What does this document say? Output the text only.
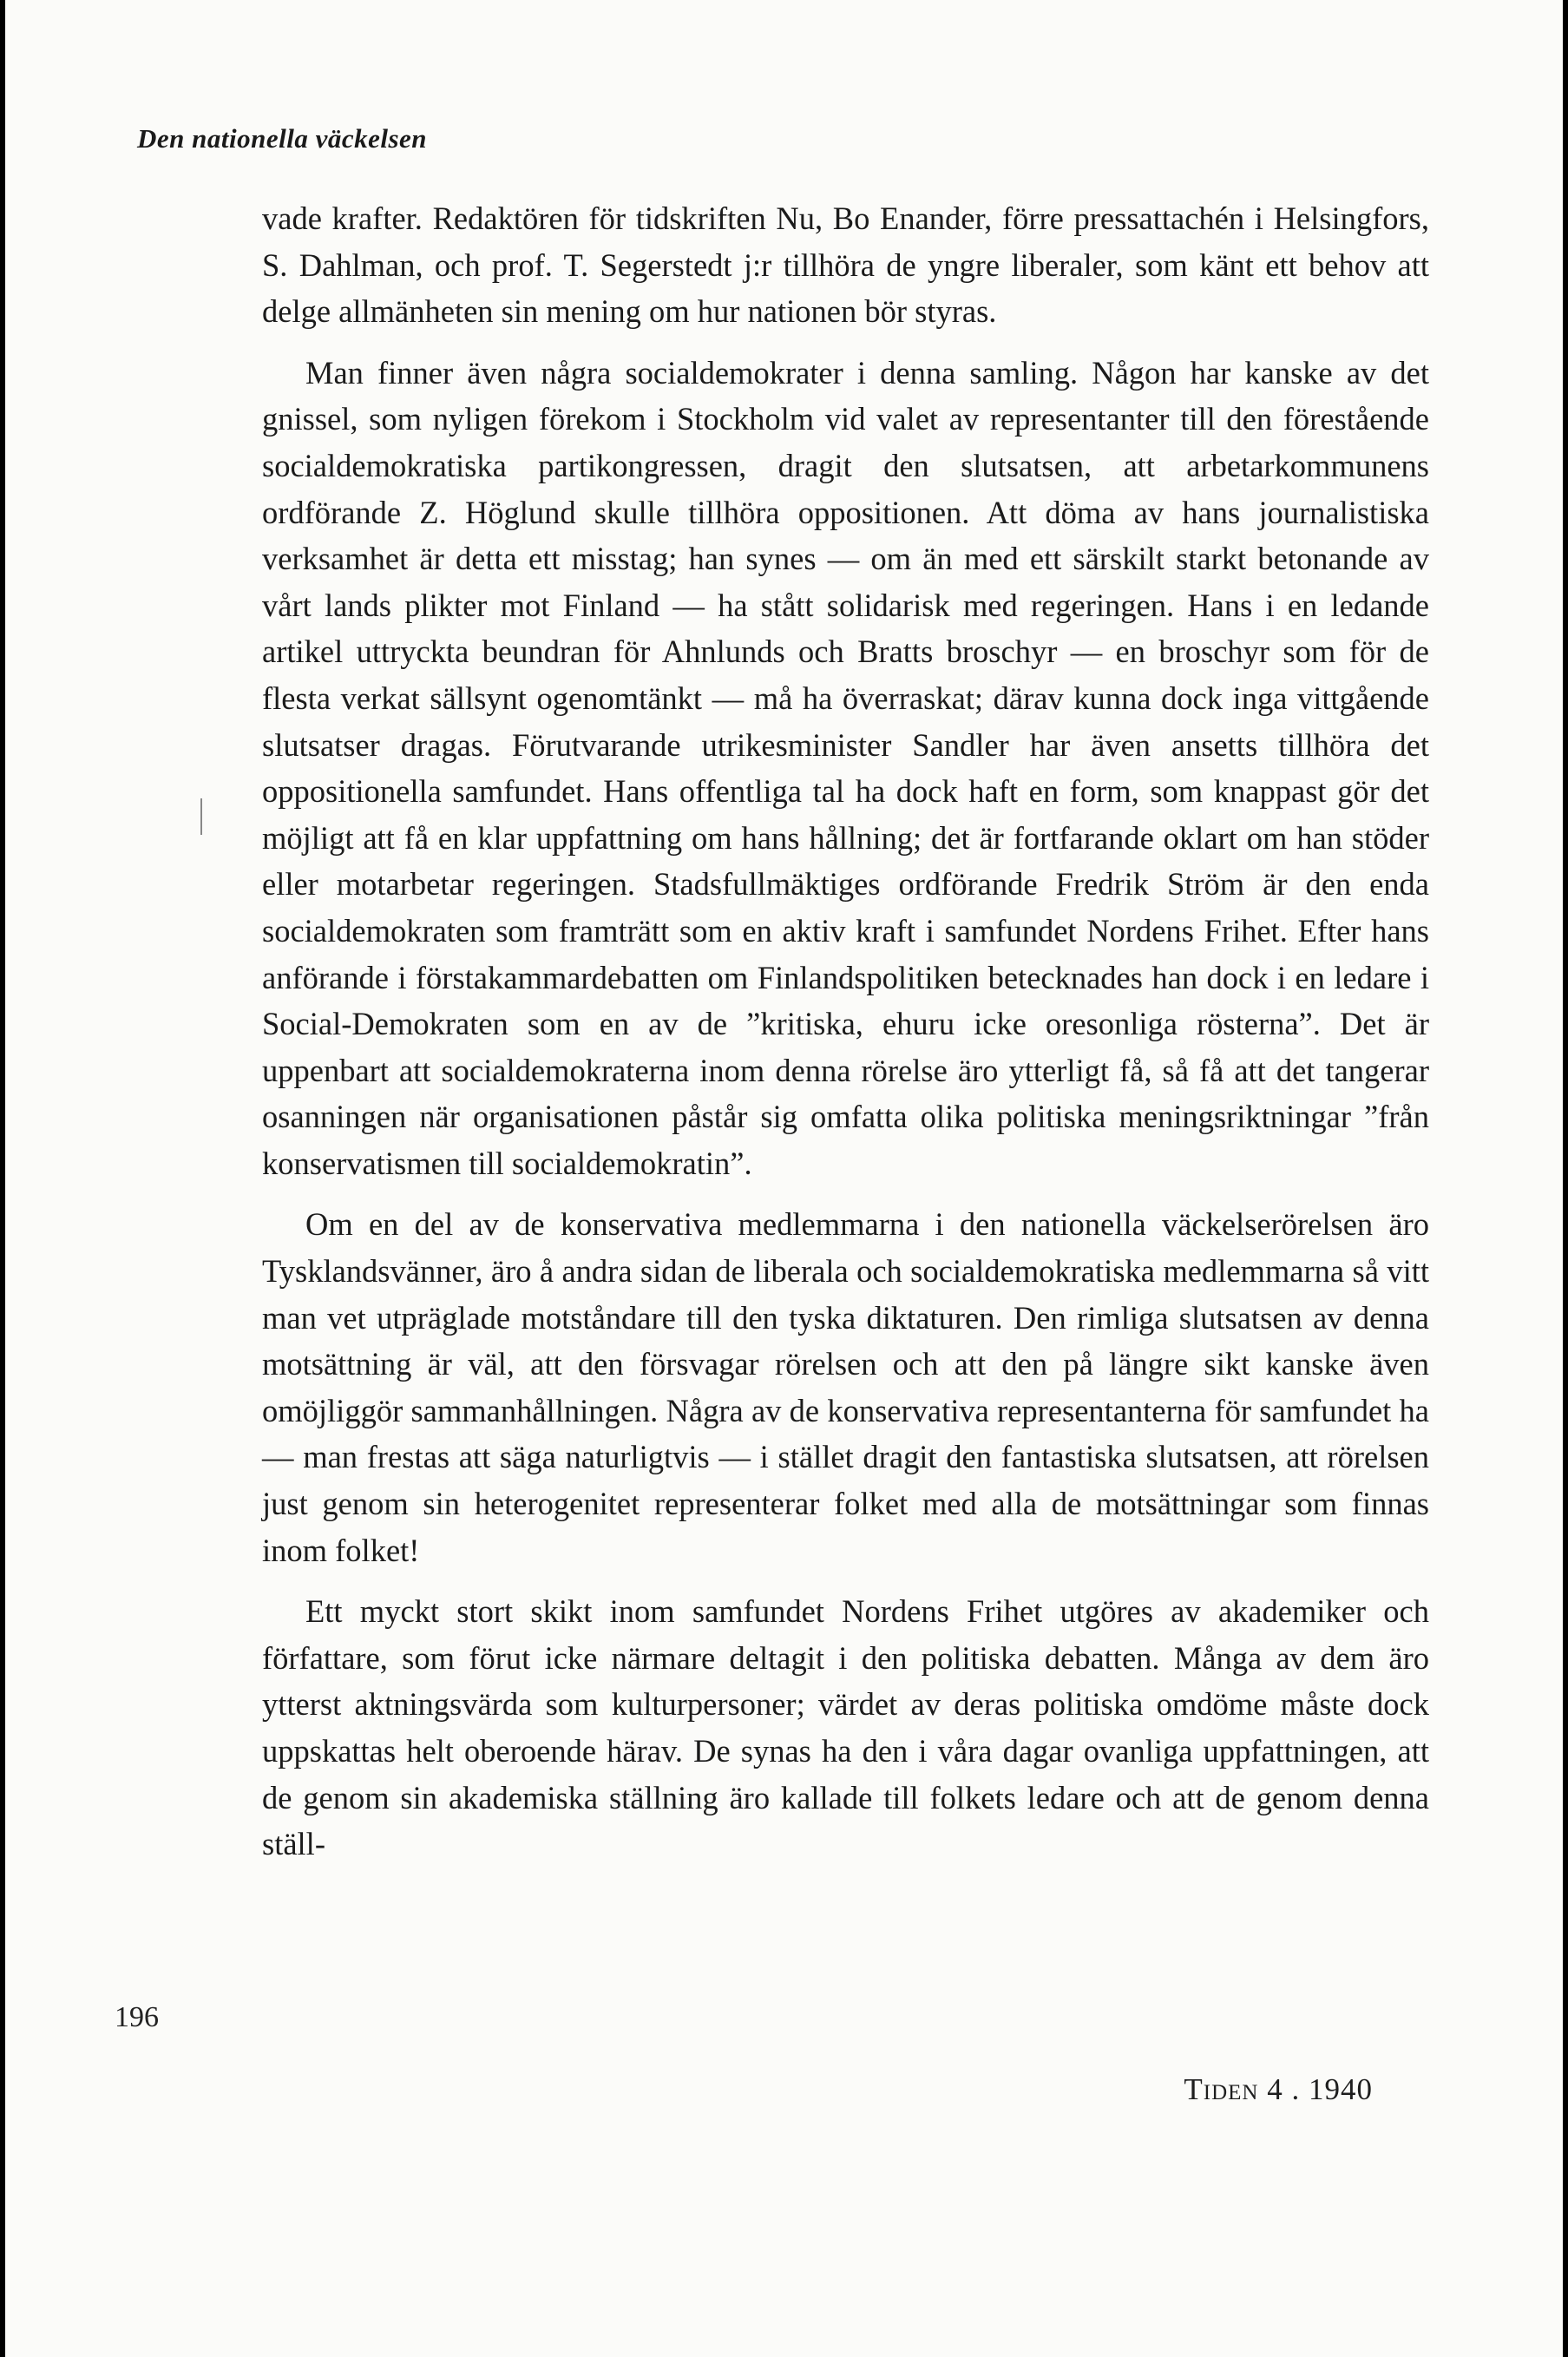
Den nationella väckelsen

vade krafter. Redaktören för tidskriften Nu, Bo Enander, förre pressattachén i Helsingfors, S. Dahlman, och prof. T. Segerstedt j:r tillhöra de yngre liberaler, som känt ett behov att delge allmänheten sin mening om hur nationen bör styras.

Man finner även några socialdemokrater i denna samling. Någon har kanske av det gnissel, som nyligen förekom i Stockholm vid valet av representanter till den förestående socialdemokratiska partikongressen, dragit den slutsatsen, att arbetarkommunens ordförande Z. Höglund skulle tillhöra oppositionen. Att döma av hans journalistiska verksamhet är detta ett misstag; han synes — om än med ett särskilt starkt betonande av vårt lands plikter mot Finland — ha stått solidarisk med regeringen. Hans i en ledande artikel uttryckta beundran för Ahnlunds och Bratts broschyr — en broschyr som för de flesta verkat sällsynt ogenomtänkt — må ha överraskat; därav kunna dock inga vittgående slutsatser dragas. Förutvarande utrikesminister Sandler har även ansetts tillhöra det oppositionella samfundet. Hans offentliga tal ha dock haft en form, som knappast gör det möjligt att få en klar uppfattning om hans hållning; det är fortfarande oklart om han stöder eller motarbetar regeringen. Stadsfullmäktiges ordförande Fredrik Ström är den enda socialdemokraten som framträtt som en aktiv kraft i samfundet Nordens Frihet. Efter hans anförande i förstakammardebatten om Finlandspolitiken betecknades han dock i en ledare i Social-Demokraten som en av de ”kritiska, ehuru icke oresonliga rösterna”. Det är uppenbart att socialdemokraterna inom denna rörelse äro ytterligt få, så få att det tangerar osanningen när organisationen påstår sig omfatta olika politiska meningsriktningar ”från konservatismen till socialdemokratin”.

Om en del av de konservativa medlemmarna i den nationella väckelserörelsen äro Tysklandsvänner, äro å andra sidan de liberala och socialdemokratiska medlemmarna så vitt man vet utpräglade motståndare till den tyska diktaturen. Den rimliga slutsatsen av denna motsättning är väl, att den försvagar rörelsen och att den på längre sikt kanske även omöjliggör sammanhållningen. Några av de konservativa representanterna för samfundet ha — man frestas att säga naturligtvis — i stället dragit den fantastiska slutsatsen, att rörelsen just genom sin heterogenitet representerar folket med alla de motsättningar som finnas inom folket!

Ett myckt stort skikt inom samfundet Nordens Frihet utgöres av akademiker och författare, som förut icke närmare deltagit i den politiska debatten. Många av dem äro ytterst aktningsvärda som kulturpersoner; värdet av deras politiska omdöme måste dock uppskattas helt oberoende härav. De synas ha den i våra dagar ovanliga uppfattningen, att de genom sin akademiska ställning äro kallade till folkets ledare och att de genom denna ställ-

196

Tiden 4 . 1940
